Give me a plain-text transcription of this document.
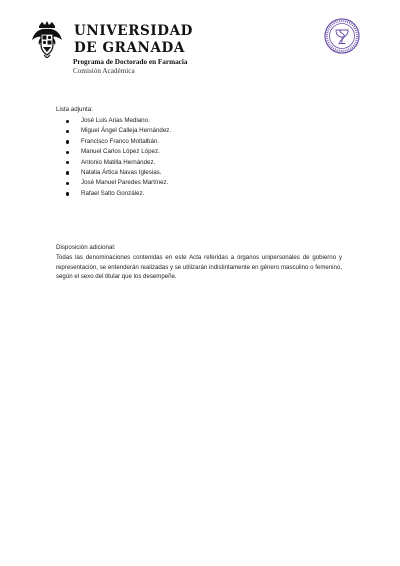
UNIVERSIDAD
DE GRANADA
Programa de Doctorado en Farmacia
Comisión Académica
Lista adjunta:
José Luis Arias Mediano.
Miguel Ángel Calleja Hernández.
Francisco Franco Moltalbán.
Manuel Carlos López López.
Antonio Matilla Hernández.
Natalia Ártica Navas Iglesias.
José Manuel Paredes Martínez.
Rafael Salto González.
Disposición adicional:
Todas las denominaciones contenidas en este Acta referidas a órganos unipersonales de gobierno y representación, se entenderán realizadas y se utilizarán indistintamente en género masculino o femenino, según el sexo del titular que los desempeñe.
